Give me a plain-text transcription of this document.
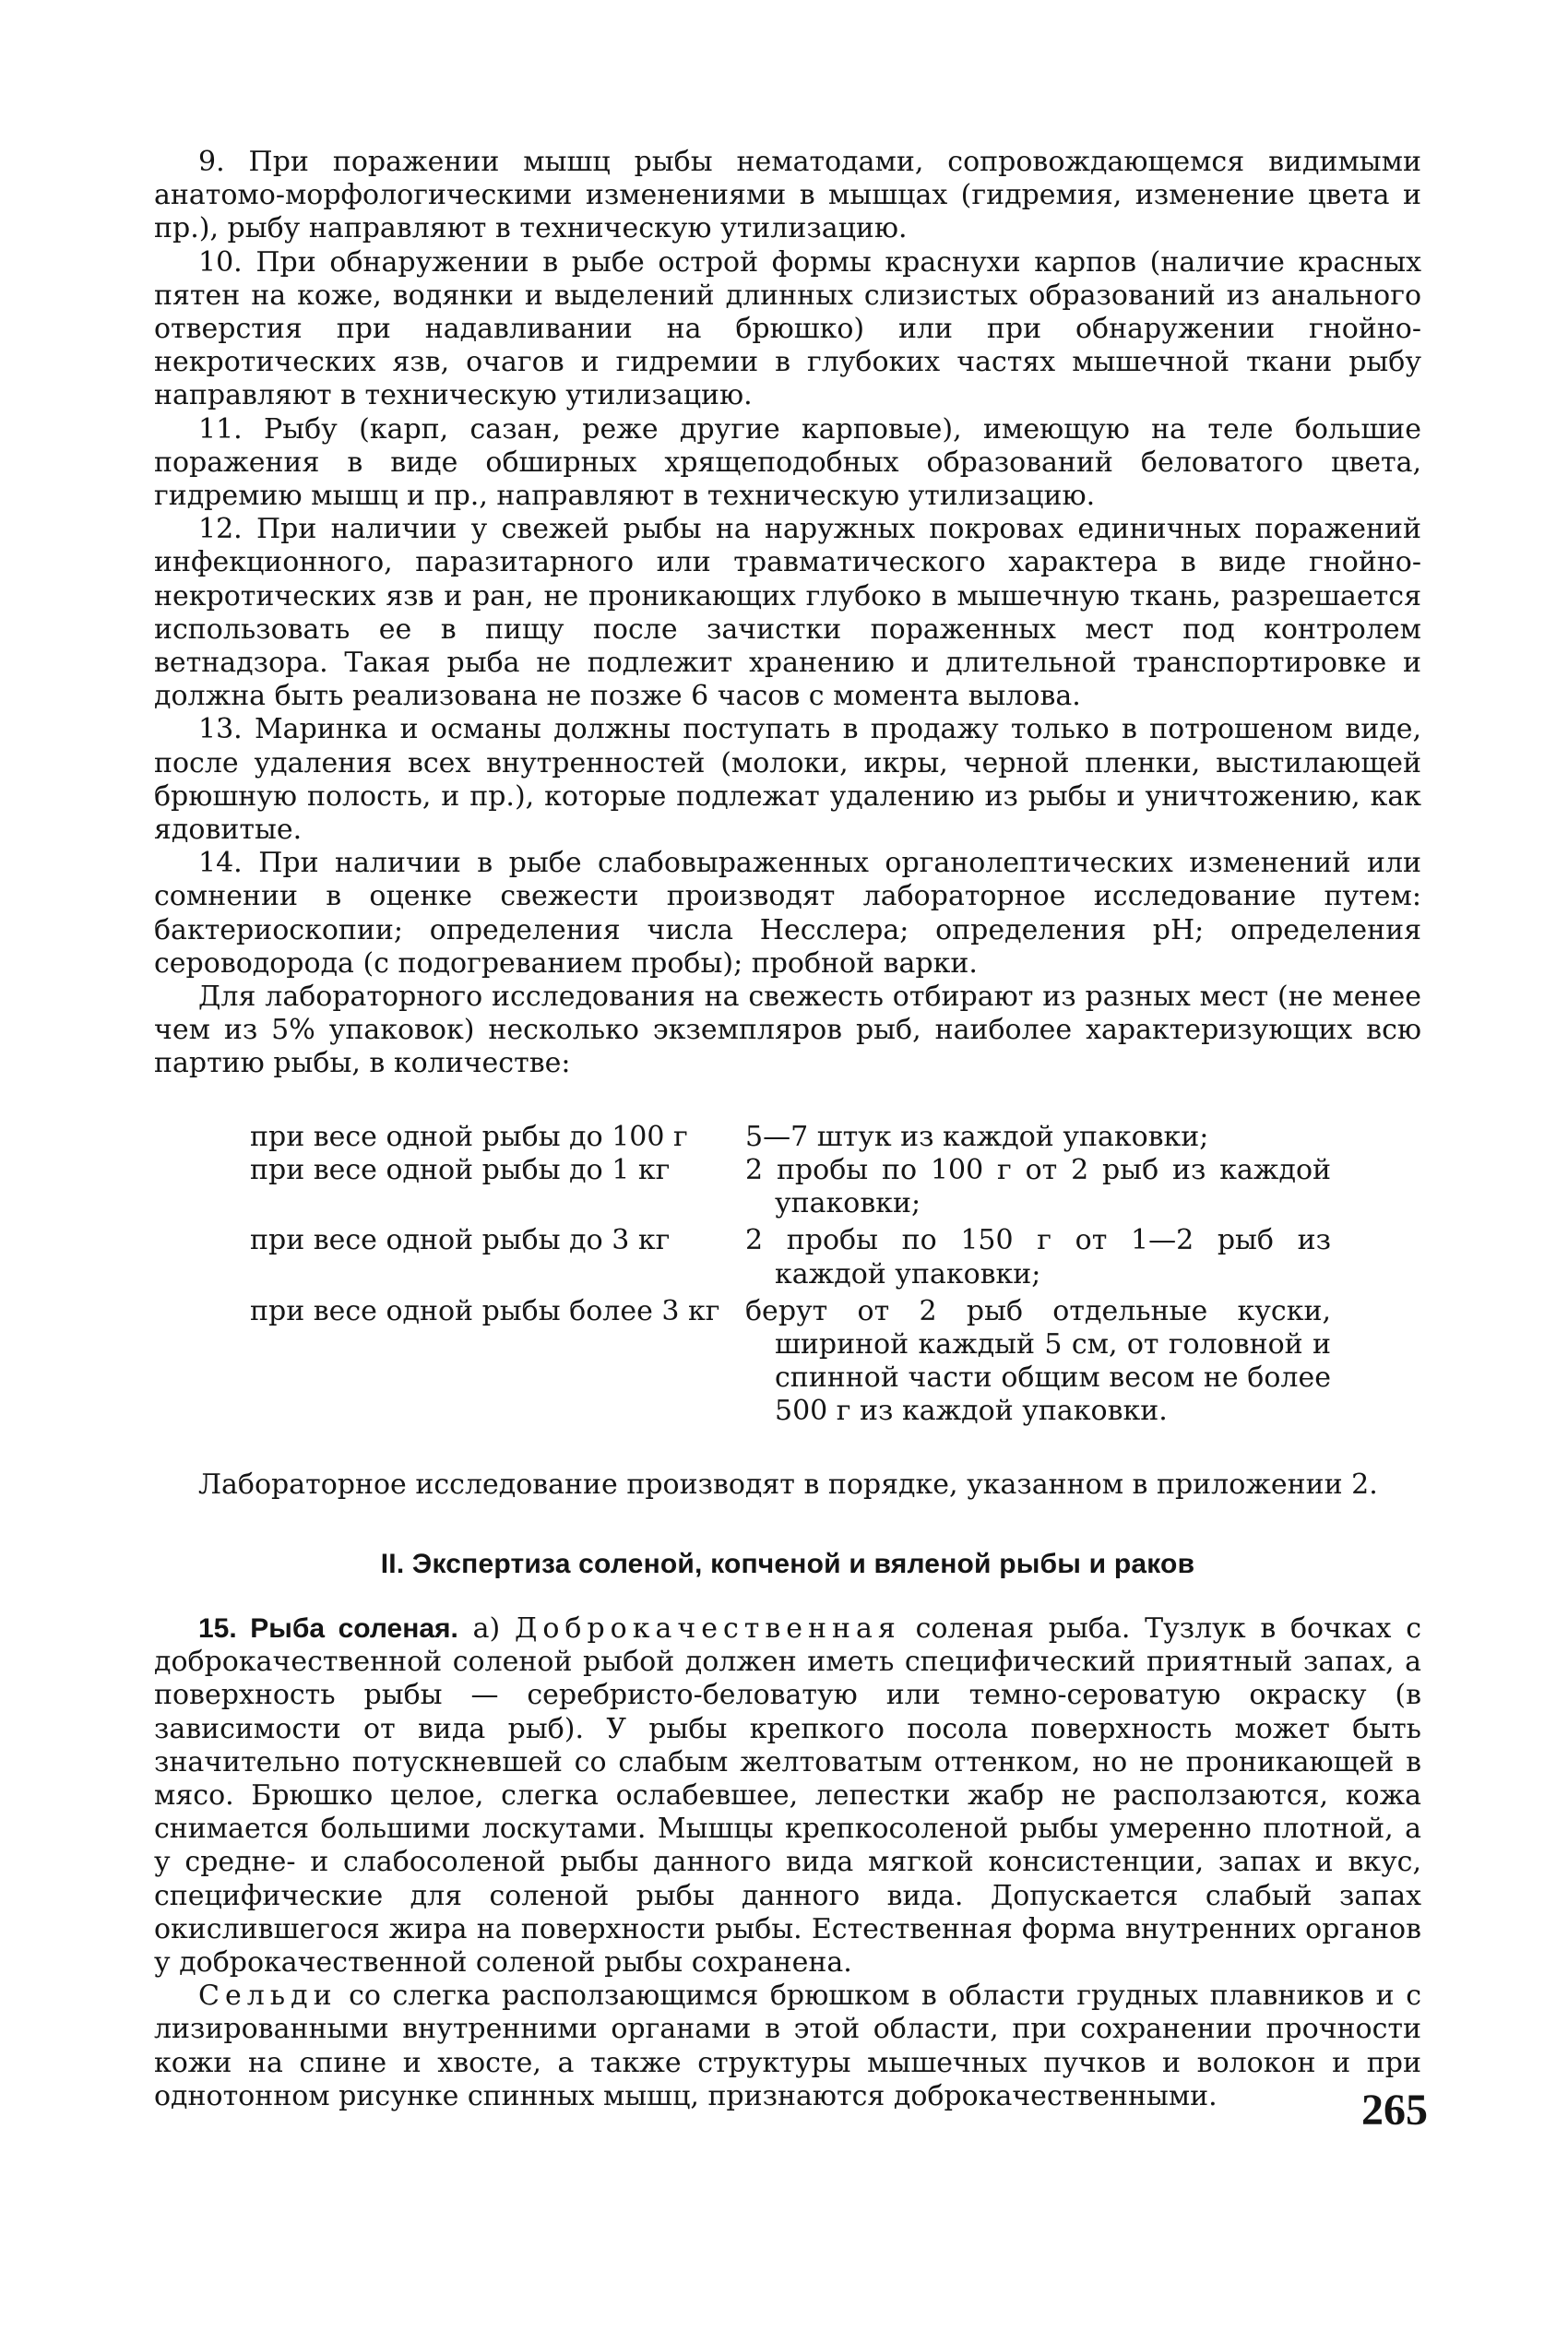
9. При поражении мышц рыбы нематодами, сопровождающемся видимыми анатомо-морфологическими изменениями в мышцах (гидремия, изменение цвета и пр.), рыбу направляют в техническую утилизацию.

10. При обнаружении в рыбе острой формы краснухи карпов (наличие красных пятен на коже, водянки и выделений длинных слизистых образований из анального отверстия при надавливании на брюшко) или при обнаружении гнойно-некротических язв, очагов и гидремии в глубоких частях мышечной ткани рыбу направляют в техническую утилизацию.

11. Рыбу (карп, сазан, реже другие карповые), имеющую на теле большие поражения в виде обширных хрящеподобных образований беловатого цвета, гидремию мышц и пр., направляют в техническую утилизацию.

12. При наличии у свежей рыбы на наружных покровах единичных поражений инфекционного, паразитарного или травматического характера в виде гнойно-некротических язв и ран, не проникающих глубоко в мышечную ткань, разрешается использовать ее в пищу после зачистки пораженных мест под контролем ветнадзора. Такая рыба не подлежит хранению и длительной транспортировке и должна быть реализована не позже 6 часов с момента вылова.

13. Маринка и османы должны поступать в продажу только в потрошеном виде, после удаления всех внутренностей (молоки, икры, черной пленки, выстилающей брюшную полость, и пр.), которые подлежат удалению из рыбы и уничтожению, как ядовитые.

14. При наличии в рыбе слабовыраженных органолептических изменений или сомнении в оценке свежести производят лабораторное исследование путем: бактериоскопии; определения числа Несслера; определения pH; определения сероводорода (с подогреванием пробы); пробной варки.

Для лабораторного исследования на свежесть отбирают из разных мест (не менее чем из 5% упаковок) несколько экземпляров рыб, наиболее характеризующих всю партию рыбы, в количестве:

при весе одной рыбы до 100 г	5—7 штук из каждой упаковки;

при весе одной рыбы до 1 кг	2 пробы по 100 г от 2 рыб из каждой упаковки;

при весе одной рыбы до 3 кг	2 пробы по 150 г от 1—2 рыб из каждой упаковки;

при весе одной рыбы более 3 кг	берут от 2 рыб отдельные куски, шириной каждый 5 см, от головной и спинной части общим весом не более 500 г из каждой упаковки.

Лабораторное исследование производят в порядке, указанном в приложении 2.

II. Экспертиза соленой, копченой и вяленой рыбы и раков

15. Рыба соленая. а) Доброкачественная соленая рыба. Тузлук в бочках с доброкачественной соленой рыбой должен иметь специфический приятный запах, а поверхность рыбы — серебристо-беловатую или темно-сероватую окраску (в зависимости от вида рыб). У рыбы крепкого посола поверхность может быть значительно потускневшей со слабым желтоватым оттенком, но не проникающей в мясо. Брюшко целое, слегка ослабевшее, лепестки жабр не расползаются, кожа снимается большими лоскутами. Мышцы крепкосоленой рыбы умеренно плотной, а у средне- и слабосоленой рыбы данного вида мягкой консистенции, запах и вкус, специфические для соленой рыбы данного вида. Допускается слабый запах окислившегося жира на поверхности рыбы. Естественная форма внутренних органов у доброкачественной соленой рыбы сохранена.

Сельди со слегка расползающимся брюшком в области грудных плавников и с лизированными внутренними органами в этой области, при сохранении прочности кожи на спине и хвосте, а также структуры мышечных пучков и волокон и при однотонном рисунке спинных мышц, признаются доброкачественными.	265
